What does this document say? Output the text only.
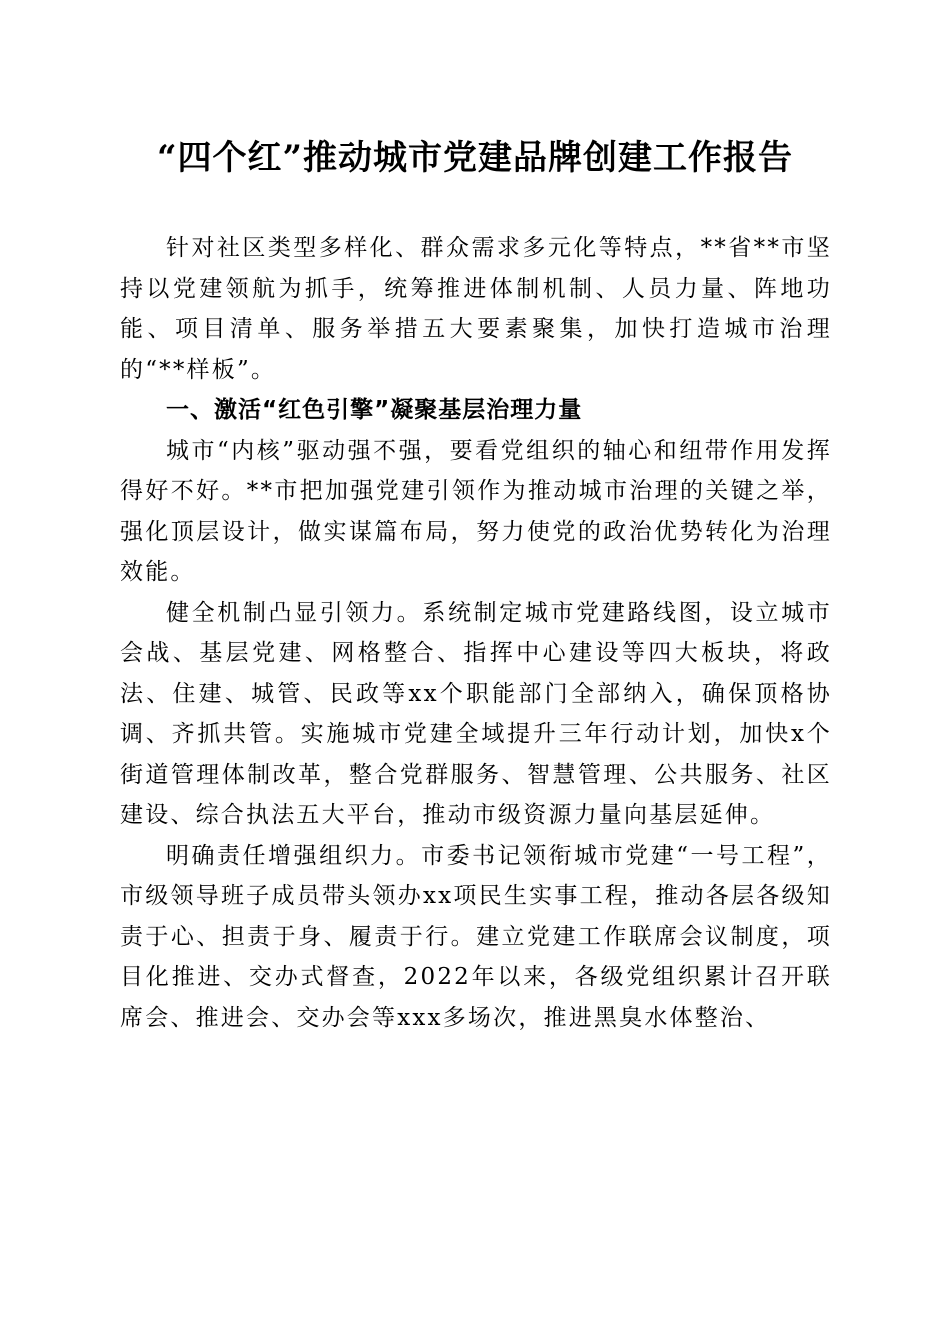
“四个红”推动城市党建品牌创建工作报告

针对社区类型多样化、群众需求多元化等特点，**省**市坚持以党建领航为抓手，统筹推进体制机制、人员力量、阵地功能、项目清单、服务举措五大要素聚集，加快打造城市治理的“**样板”。

一、激活“红色引擎”凝聚基层治理力量

城市“内核”驱动强不强，要看党组织的轴心和纽带作用发挥得好不好。**市把加强党建引领作为推动城市治理的关键之举，强化顶层设计，做实谋篇布局，努力使党的政治优势转化为治理效能。

健全机制凸显引领力。系统制定城市党建路线图，设立城市会战、基层党建、网格整合、指挥中心建设等四大板块，将政法、住建、城管、民政等xx个职能部门全部纳入，确保顶格协调、齐抓共管。实施城市党建全域提升三年行动计划，加快x个街道管理体制改革，整合党群服务、智慧管理、公共服务、社区建设、综合执法五大平台，推动市级资源力量向基层延伸。

明确责任增强组织力。市委书记领衔城市党建“一号工程”，市级领导班子成员带头领办xx项民生实事工程，推动各层各级知责于心、担责于身、履责于行。建立党建工作联席会议制度，项目化推进、交办式督查，2022年以来，各级党组织累计召开联席会、推进会、交办会等xxx多场次，推进黑臭水体整治、
